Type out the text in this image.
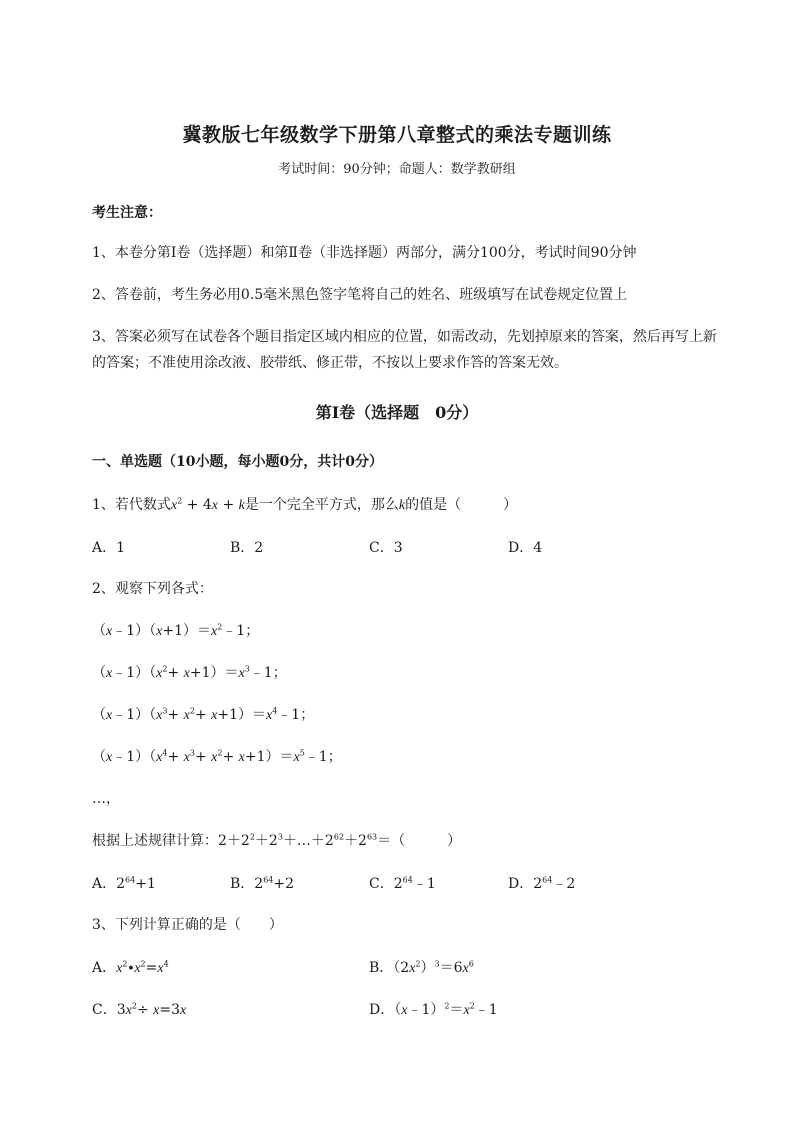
冀教版七年级数学下册第八章整式的乘法专题训练
考试时间：90分钟；命题人：数学教研组
考生注意：
1、本卷分第I卷（选择题）和第Ⅱ卷（非选择题）两部分，满分100分，考试时间90分钟
2、答卷前，考生务必用0.5毫米黑色签字笔将自己的姓名、班级填写在试卷规定位置上
3、答案必须写在试卷各个题目指定区域内相应的位置，如需改动，先划掉原来的答案，然后再写上新
的答案；不准使用涂改液、胶带纸、修正带，不按以上要求作答的答案无效。
第I卷（选择题　0分）
一、单选题（10小题，每小题0分，共计0分）
1、若代数式$x^2 + 4x + k$是一个完全平方式，那么k的值是（　　　）
A．1	B．2	C．3	D．4
2、观察下列各式：
$(x﹣1)(x+1)=x^2﹣1$；
$(x﹣1)(x^2+$ $x+1)=x^3﹣1$；
$(x﹣1)(x^3+ x^2+$ $x+1)=x^4﹣1$；
$(x﹣1)(x^4+ x^3+ x^2+$ $x+1)=x^5﹣1$；
…，
根据上述规律计算：$2+2^2+2^3+\dots+2^{62}+2^{63}=$（　　　）
A．$2^{64}+1$	B．$2^{64}+2$	C．$2^{64}﹣1$	D．$2^{64}﹣2$
3、下列计算正确的是（　　）
A．$x^2\cdot x^2=x^4$	B．$(2x^2)^3=6x^6$
C．$3x^2\div x=3x$	D．$(x﹣1)^2=x^2﹣1$
